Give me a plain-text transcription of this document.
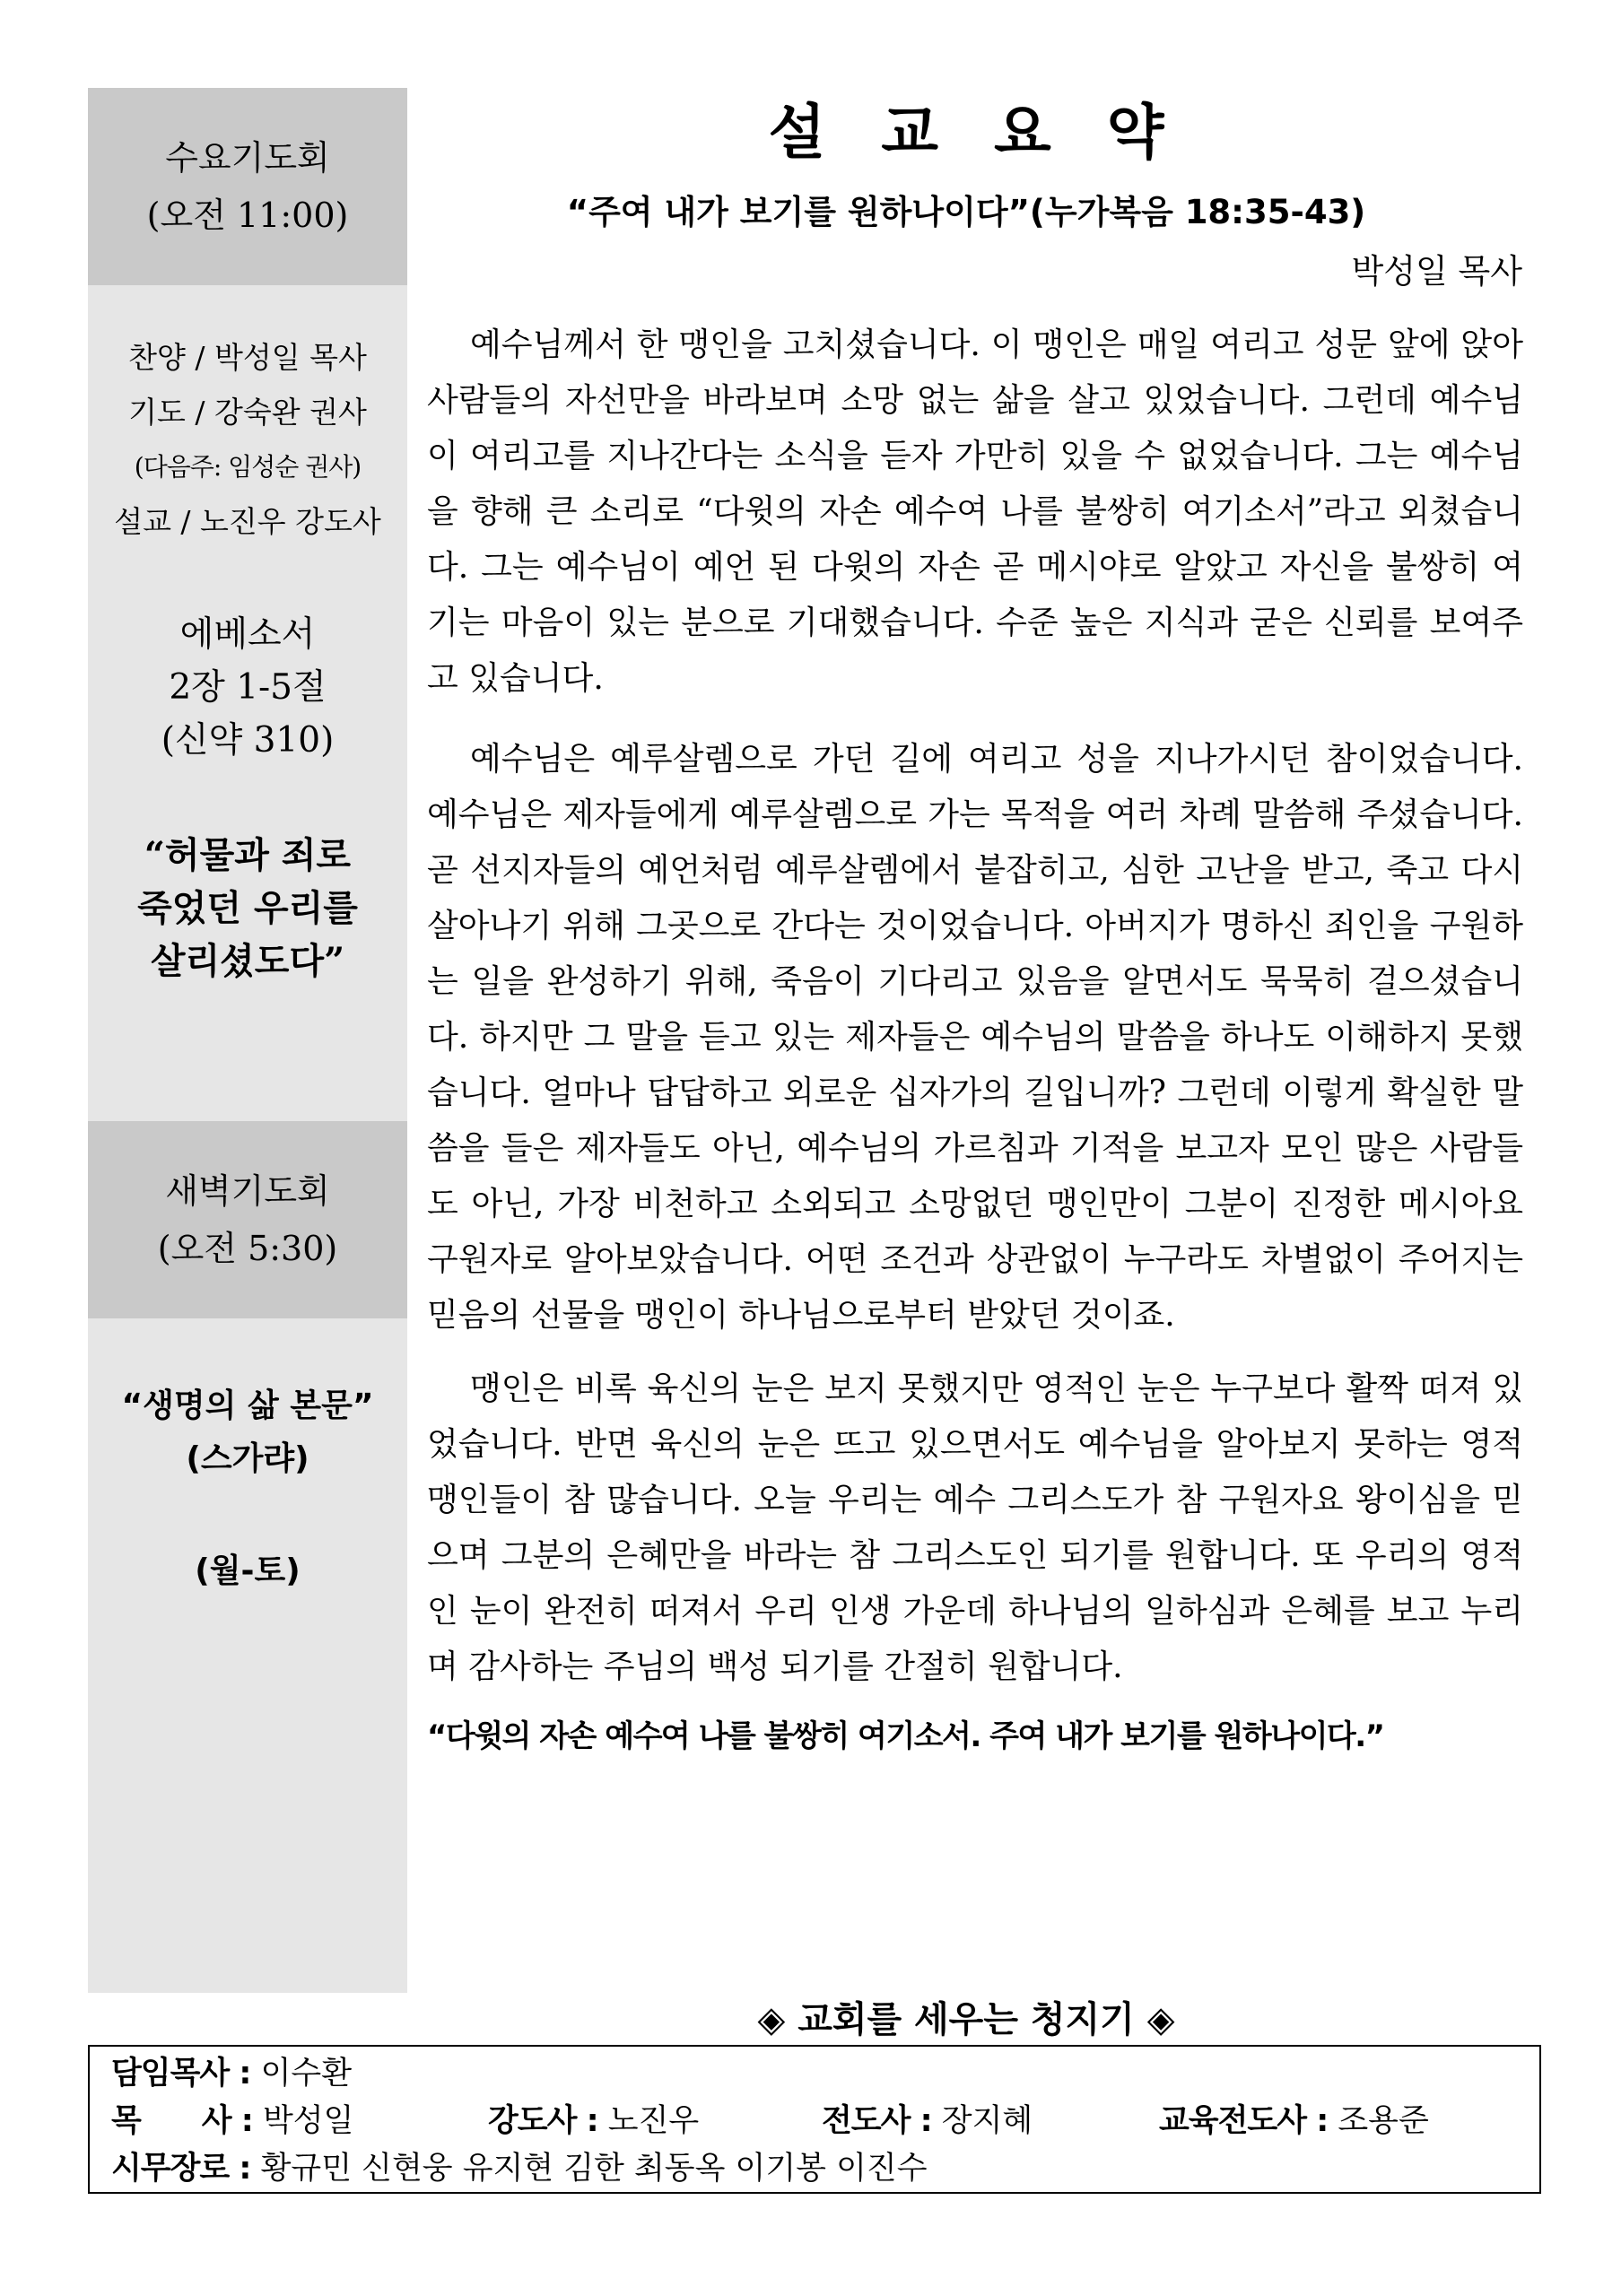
수요기도회
(오전 11:00)
찬양 / 박성일 목사
기도 / 강숙완 권사
(다음주: 임성순 권사)
설교 / 노진우 강도사
에베소서
2장 1-5절
(신약 310)
“허물과 죄로
죽었던 우리를
살리셨도다”
새벽기도회
(오전 5:30)
“생명의 삶 본문”
(스가랴)
(월-토)
설교요약
“주여 내가 보기를 원하나이다”(누가복음 18:35-43)
박성일 목사

예수님께서 한 맹인을 고치셨습니다. 이 맹인은 매일 여리고 성문 앞에 앉아 사람들의 자선만을 바라보며 소망 없는 삶을 살고 있었습니다. 그런데 예수님이 여리고를 지나간다는 소식을 듣자 가만히 있을 수 없었습니다. 그는 예수님을 향해 큰 소리로 “다윗의 자손 예수여 나를 불쌍히 여기소서”라고 외쳤습니다. 그는 예수님이 예언 된 다윗의 자손 곧 메시야로 알았고 자신을 불쌍히 여기는 마음이 있는 분으로 기대했습니다. 수준 높은 지식과 굳은 신뢰를 보여주고 있습니다.

예수님은 예루살렘으로 가던 길에 여리고 성을 지나가시던 참이었습니다. 예수님은 제자들에게 예루살렘으로 가는 목적을 여러 차례 말씀해 주셨습니다. 곧 선지자들의 예언처럼 예루살렘에서 붙잡히고, 심한 고난을 받고, 죽고 다시 살아나기 위해 그곳으로 간다는 것이었습니다. 아버지가 명하신 죄인을 구원하는 일을 완성하기 위해, 죽음이 기다리고 있음을 알면서도 묵묵히 걸으셨습니다. 하지만 그 말을 듣고 있는 제자들은 예수님의 말씀을 하나도 이해하지 못했습니다. 얼마나 답답하고 외로운 십자가의 길입니까? 그런데 이렇게 확실한 말씀을 들은 제자들도 아닌, 예수님의 가르침과 기적을 보고자 모인 많은 사람들도 아닌, 가장 비천하고 소외되고 소망없던 맹인만이 그분이 진정한 메시아요 구원자로 알아보았습니다. 어떤 조건과 상관없이 누구라도 차별없이 주어지는 믿음의 선물을 맹인이 하나님으로부터 받았던 것이죠.

맹인은 비록 육신의 눈은 보지 못했지만 영적인 눈은 누구보다 활짝 떠져 있었습니다. 반면 육신의 눈은 뜨고 있으면서도 예수님을 알아보지 못하는 영적 맹인들이 참 많습니다. 오늘 우리는 예수 그리스도가 참 구원자요 왕이심을 믿으며 그분의 은혜만을 바라는 참 그리스도인 되기를 원합니다. 또 우리의 영적인 눈이 완전히 떠져서 우리 인생 가운데 하나님의 일하심과 은혜를 보고 누리며 감사하는 주님의 백성 되기를 간절히 원합니다.

“다윗의 자손 예수여 나를 불쌍히 여기소서. 주여 내가 보기를 원하나이다.”

◈ 교회를 세우는 청지기 ◈
담임목사 : 이수환
목　　사 : 박성일	강도사 : 노진우	전도사 : 장지혜	교육전도사 : 조용준
시무장로 : 황규민 신현웅 유지현 김한 최동옥 이기봉 이진수
